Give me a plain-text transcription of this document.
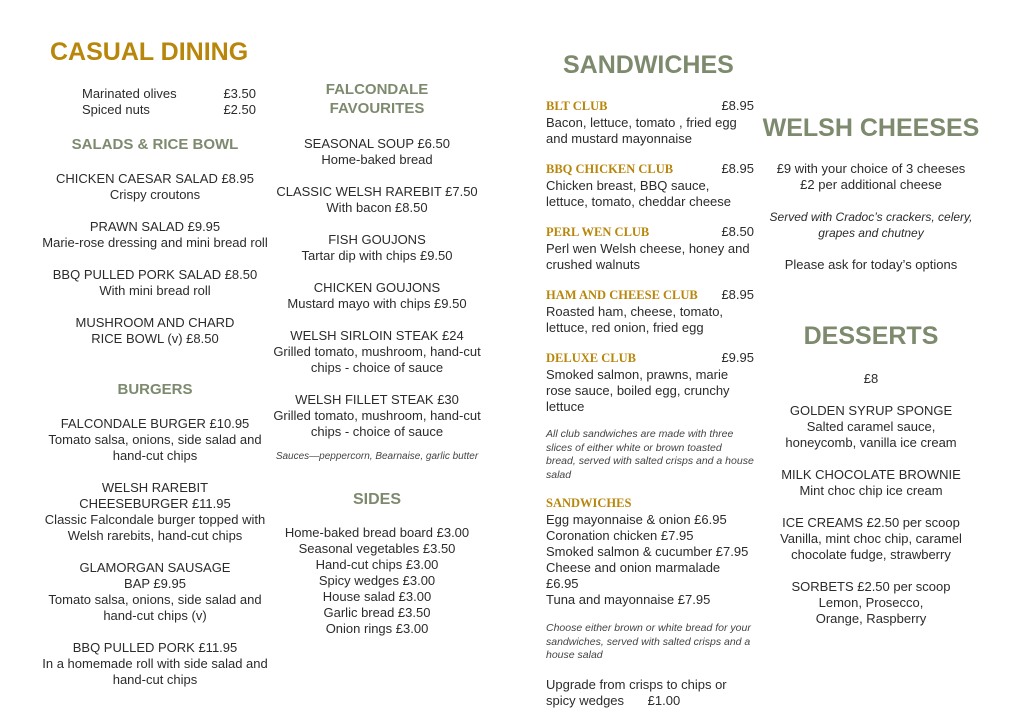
CASUAL DINING
Marinated olives	£3.50
Spiced nuts	£2.50
SALADS & RICE BOWL
CHICKEN CAESAR SALAD £8.95
Crispy croutons
PRAWN SALAD £9.95
Marie-rose dressing and mini bread roll
BBQ PULLED PORK SALAD £8.50
With mini bread roll
MUSHROOM AND CHARD RICE BOWL (v) £8.50
BURGERS
FALCONDALE BURGER £10.95
Tomato salsa, onions, side salad and hand-cut chips
WELSH RAREBIT CHEESEBURGER £11.95
Classic Falcondale burger topped with Welsh rarebits, hand-cut chips
GLAMORGAN SAUSAGE BAP £9.95
Tomato salsa, onions, side salad and hand-cut chips (v)
BBQ PULLED PORK £11.95
In a homemade roll with side salad and hand-cut chips
FALCONDALE
FAVOURITES
SEASONAL SOUP £6.50
Home-baked bread
CLASSIC WELSH RAREBIT £7.50
With bacon £8.50
FISH GOUJONS
Tartar dip with chips £9.50
CHICKEN GOUJONS
Mustard mayo with chips £9.50
WELSH SIRLOIN STEAK £24
Grilled tomato, mushroom, hand-cut chips - choice of sauce
WELSH FILLET STEAK £30
Grilled tomato, mushroom, hand-cut chips - choice of sauce
Sauces—peppercorn, Bearnaise, garlic butter
SIDES
Home-baked bread board £3.00
Seasonal vegetables £3.50
Hand-cut chips £3.00
Spicy wedges £3.00
House salad £3.00
Garlic bread £3.50
Onion rings £3.00
SANDWICHES
BLT CLUB	£8.95
Bacon, lettuce, tomato , fried egg and mustard mayonnaise
BBQ CHICKEN CLUB	£8.95
Chicken breast, BBQ sauce, lettuce, tomato, cheddar cheese
PERL WEN CLUB	£8.50
Perl wen Welsh cheese, honey and crushed walnuts
HAM AND CHEESE CLUB £8.95
Roasted ham, cheese, tomato, lettuce, red onion, fried egg
DELUXE CLUB	£9.95
Smoked salmon, prawns, marie rose sauce, boiled egg, crunchy lettuce
All club sandwiches are made with three slices of either white or brown toasted bread, served with salted crisps and a house salad
SANDWICHES
Egg mayonnaise & onion £6.95
Coronation chicken £7.95
Smoked salmon & cucumber £7.95
Cheese and onion marmalade £6.95
Tuna and mayonnaise £7.95
Choose either brown or white bread for your sandwiches, served with salted crisps and a house salad
Upgrade from crisps to chips or spicy wedges £1.00
WELSH CHEESES
£9 with your choice of 3 cheeses
£2 per additional cheese
Served with Cradoc’s crackers, celery, grapes and chutney
Please ask for today’s options
DESSERTS
£8
GOLDEN SYRUP SPONGE
Salted caramel sauce, honeycomb, vanilla ice cream
MILK CHOCOLATE BROWNIE
Mint choc chip ice cream
ICE CREAMS £2.50 per scoop
Vanilla, mint choc chip, caramel chocolate fudge, strawberry
SORBETS £2.50 per scoop
Lemon, Prosecco, Orange, Raspberry
